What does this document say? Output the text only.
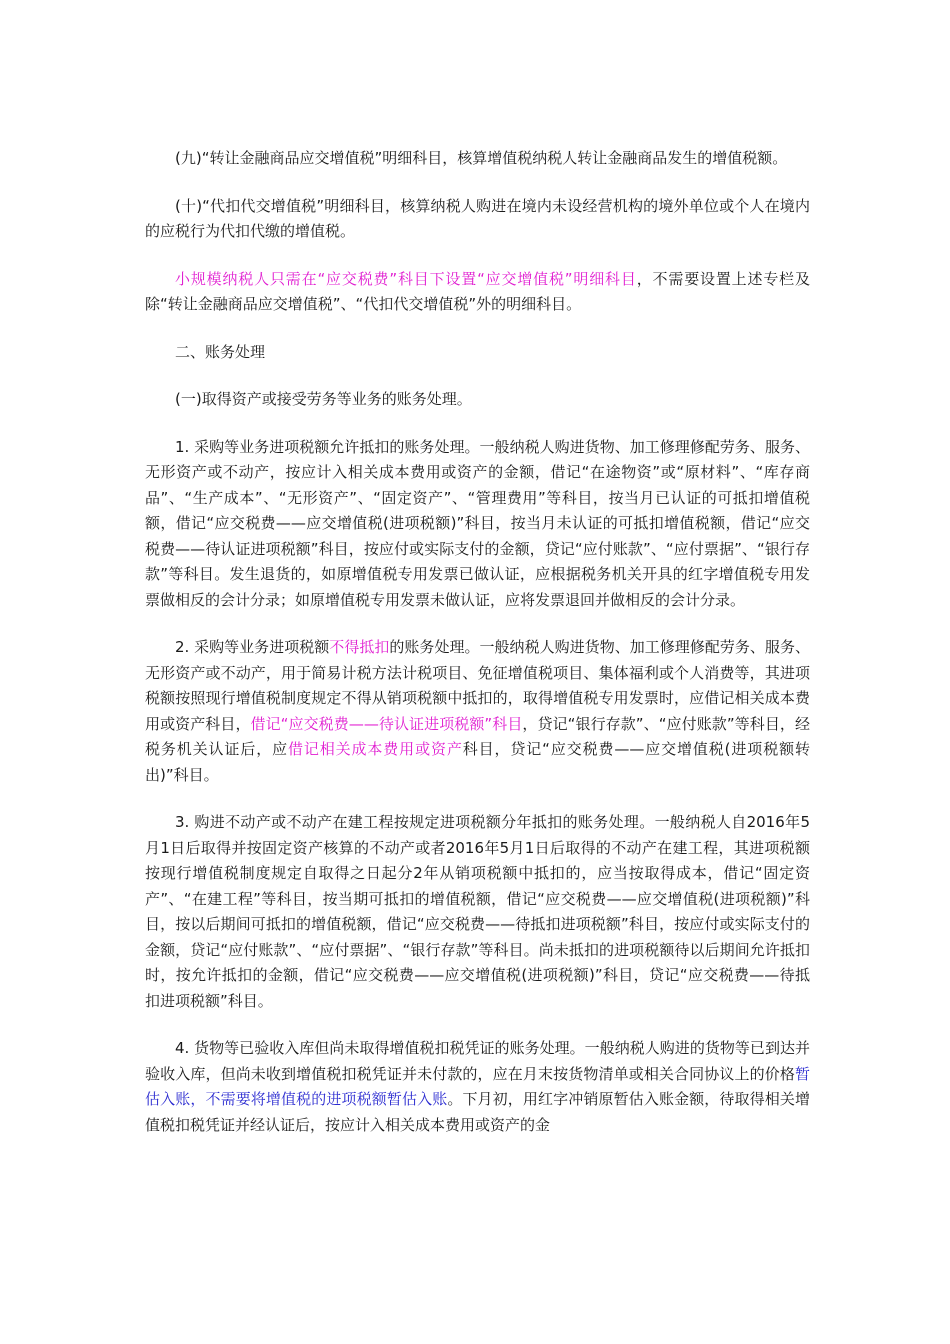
(九)“转让金融商品应交增值税”明细科目，核算增值税纳税人转让金融商品发生的增值税额。

(十)“代扣代交增值税”明细科目，核算纳税人购进在境内未设经营机构的境外单位或个人在境内的应税行为代扣代缴的增值税。

小规模纳税人只需在“应交税费”科目下设置“应交增值税”明细科目，不需要设置上述专栏及除“转让金融商品应交增值税”、“代扣代交增值税”外的明细科目。

二、账务处理

(一)取得资产或接受劳务等业务的账务处理。

1. 采购等业务进项税额允许抵扣的账务处理。一般纳税人购进货物、加工修理修配劳务、服务、无形资产或不动产，按应计入相关成本费用或资产的金额，借记“在途物资”或“原材料”、“库存商品”、“生产成本”、“无形资产”、“固定资产”、“管理费用”等科目，按当月已认证的可抵扣增值税额，借记“应交税费——应交增值税(进项税额)”科目，按当月未认证的可抵扣增值税额，借记“应交税费——待认证进项税额”科目，按应付或实际支付的金额，贷记“应付账款”、“应付票据”、“银行存款”等科目。发生退货的，如原增值税专用发票已做认证，应根据税务机关开具的红字增值税专用发票做相反的会计分录；如原增值税专用发票未做认证，应将发票退回并做相反的会计分录。

2. 采购等业务进项税额不得抵扣的账务处理。一般纳税人购进货物、加工修理修配劳务、服务、无形资产或不动产，用于简易计税方法计税项目、免征增值税项目、集体福利或个人消费等，其进项税额按照现行增值税制度规定不得从销项税额中抵扣的，取得增值税专用发票时，应借记相关成本费用或资产科目，借记“应交税费——待认证进项税额”科目，贷记“银行存款”、“应付账款”等科目，经税务机关认证后，应借记相关成本费用或资产科目，贷记“应交税费——应交增值税(进项税额转出)”科目。

3. 购进不动产或不动产在建工程按规定进项税额分年抵扣的账务处理。一般纳税人自2016年5月1日后取得并按固定资产核算的不动产或者2016年5月1日后取得的不动产在建工程，其进项税额按现行增值税制度规定自取得之日起分2年从销项税额中抵扣的，应当按取得成本，借记“固定资产”、“在建工程”等科目，按当期可抵扣的增值税额，借记“应交税费——应交增值税(进项税额)”科目，按以后期间可抵扣的增值税额，借记“应交税费——待抵扣进项税额”科目，按应付或实际支付的金额，贷记“应付账款”、“应付票据”、“银行存款”等科目。尚未抵扣的进项税额待以后期间允许抵扣时，按允许抵扣的金额，借记“应交税费——应交增值税(进项税额)”科目，贷记“应交税费——待抵扣进项税额”科目。

4. 货物等已验收入库但尚未取得增值税扣税凭证的账务处理。一般纳税人购进的货物等已到达并验收入库，但尚未收到增值税扣税凭证并未付款的，应在月末按货物清单或相关合同协议上的价格暂估入账，不需要将增值税的进项税额暂估入账。下月初，用红字冲销原暂估入账金额，待取得相关增值税扣税凭证并经认证后，按应计入相关成本费用或资产的金
